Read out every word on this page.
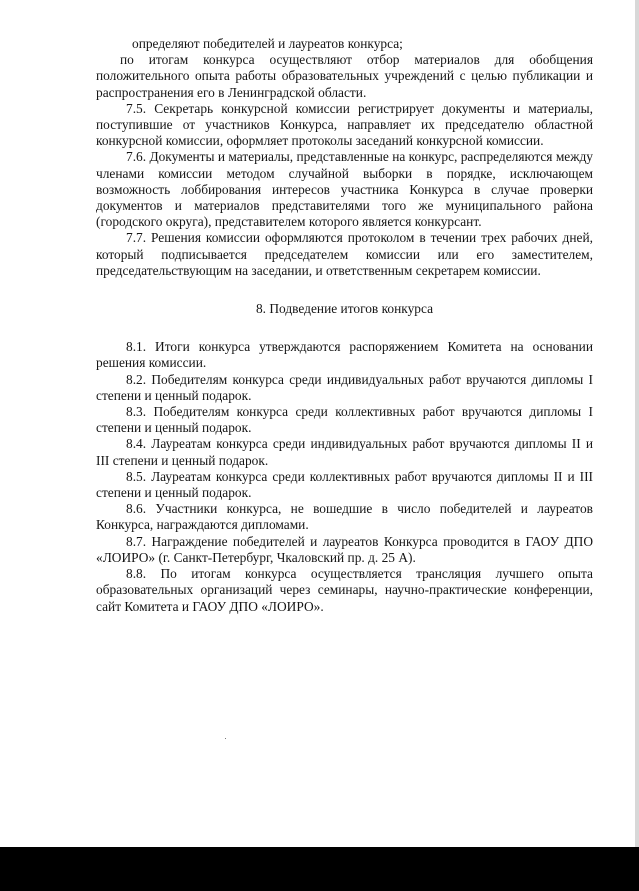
определяют победителей и лауреатов конкурса;

по итогам конкурса осуществляют отбор материалов для обобщения положительного опыта работы образовательных учреждений с целью публикации и распространения его в Ленинградской области.

7.5. Секретарь конкурсной комиссии регистрирует документы и материалы, поступившие от участников Конкурса, направляет их председателю областной конкурсной комиссии, оформляет протоколы заседаний конкурсной комиссии.

7.6. Документы и материалы, представленные на конкурс, распределяются между членами комиссии методом случайной выборки в порядке, исключающем возможность лоббирования интересов участника Конкурса в случае проверки документов и материалов представителями того же муниципального района (городского округа), представителем которого является конкурсант.

7.7. Решения комиссии оформляются протоколом в течении трех рабочих дней, который подписывается председателем комиссии или его заместителем, председательствующим на заседании, и ответственным секретарем комиссии.

8. Подведение итогов конкурса

8.1. Итоги конкурса утверждаются распоряжением Комитета на основании решения комиссии.

8.2. Победителям конкурса среди индивидуальных работ вручаются дипломы I степени и ценный подарок.

8.3. Победителям конкурса среди коллективных работ вручаются дипломы I степени и ценный подарок.

8.4. Лауреатам конкурса среди индивидуальных работ вручаются дипломы II и III степени и ценный подарок.

8.5. Лауреатам конкурса среди коллективных работ вручаются дипломы II и III степени и ценный подарок.

8.6. Участники конкурса, не вошедшие в число победителей и лауреатов Конкурса, награждаются дипломами.

8.7. Награждение победителей и лауреатов Конкурса проводится в ГАОУ ДПО «ЛОИРО» (г. Санкт-Петербург, Чкаловский пр. д. 25 А).

8.8. По итогам конкурса осуществляется трансляция лучшего опыта образовательных организаций через семинары, научно-практические конференции, сайт Комитета и ГАОУ ДПО «ЛОИРО».
